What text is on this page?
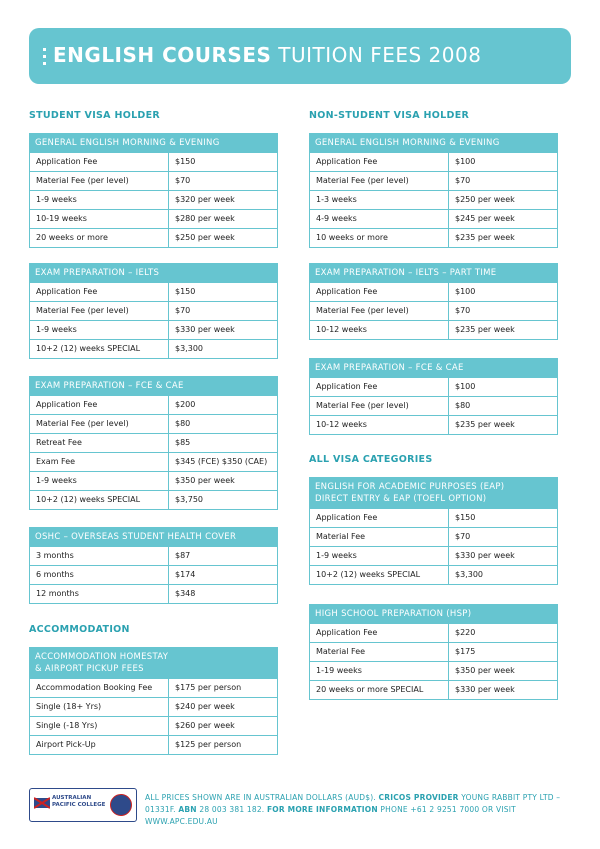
ENGLISH COURSES TUITION FEES 2008
STUDENT VISA HOLDER	NON-STUDENT VISA HOLDER
ACCOMMODATION
ALL VISA CATEGORIES
GENERAL ENGLISH MORNING & EVENING
Application Fee	$150
Material Fee (per level)	$70
1-9 weeks	$320 per week
10-19 weeks	$280 per week
20 weeks or more	$250 per week
EXAM PREPARATION – IELTS
Application Fee	$150
Material Fee (per level)	$70
1-9 weeks	$330 per week
10+2 (12) weeks SPECIAL	$3,300
EXAM PREPARATION – FCE & CAE
Application Fee	$200
Material Fee (per level)	$80
Retreat Fee	$85
Exam Fee	$345 (FCE) $350 (CAE)
1-9 weeks	$350 per week
10+2 (12) weeks SPECIAL	$3,750
OSHC – OVERSEAS STUDENT HEALTH COVER
3 months	$87
6 months	$174
12 months	$348
ACCOMMODATION HOMESTAY
& AIRPORT PICKUP FEES
Accommodation Booking Fee	$175 per person
Single (18+ Yrs)	$240 per week
Single (-18 Yrs)	$260 per week
Airport Pick-Up	$125 per person
GENERAL ENGLISH MORNING & EVENING
Application Fee	$100
Material Fee (per level)	$70
1-3 weeks	$250 per week
4-9 weeks	$245 per week
10 weeks or more	$235 per week
EXAM PREPARATION – IELTS – PART TIME
Application Fee	$100
Material Fee (per level)	$70
10-12 weeks	$235 per week
EXAM PREPARATION – FCE & CAE
Application Fee	$100
Material Fee (per level)	$80
10-12 weeks	$235 per week
ENGLISH FOR ACADEMIC PURPOSES (EAP)
DIRECT ENTRY & EAP (TOEFL OPTION)
Application Fee	$150
Material Fee	$70
1-9 weeks	$330 per week
10+2 (12) weeks SPECIAL	$3,300
HIGH SCHOOL PREPARATION (HSP)
Application Fee	$220
Material Fee	$175
1-19 weeks	$350 per week
20 weeks or more SPECIAL	$330 per week
AUSTRALIAN
PACIFIC COLLEGE
ALL PRICES SHOWN ARE IN AUSTRALIAN DOLLARS (AUD$). CRICOS PROVIDER YOUNG RABBIT PTY LTD – 01331F. ABN 28 003 381 182. FOR MORE INFORMATION PHONE +61 2 9251 7000 OR VISIT WWW.APC.EDU.AU
